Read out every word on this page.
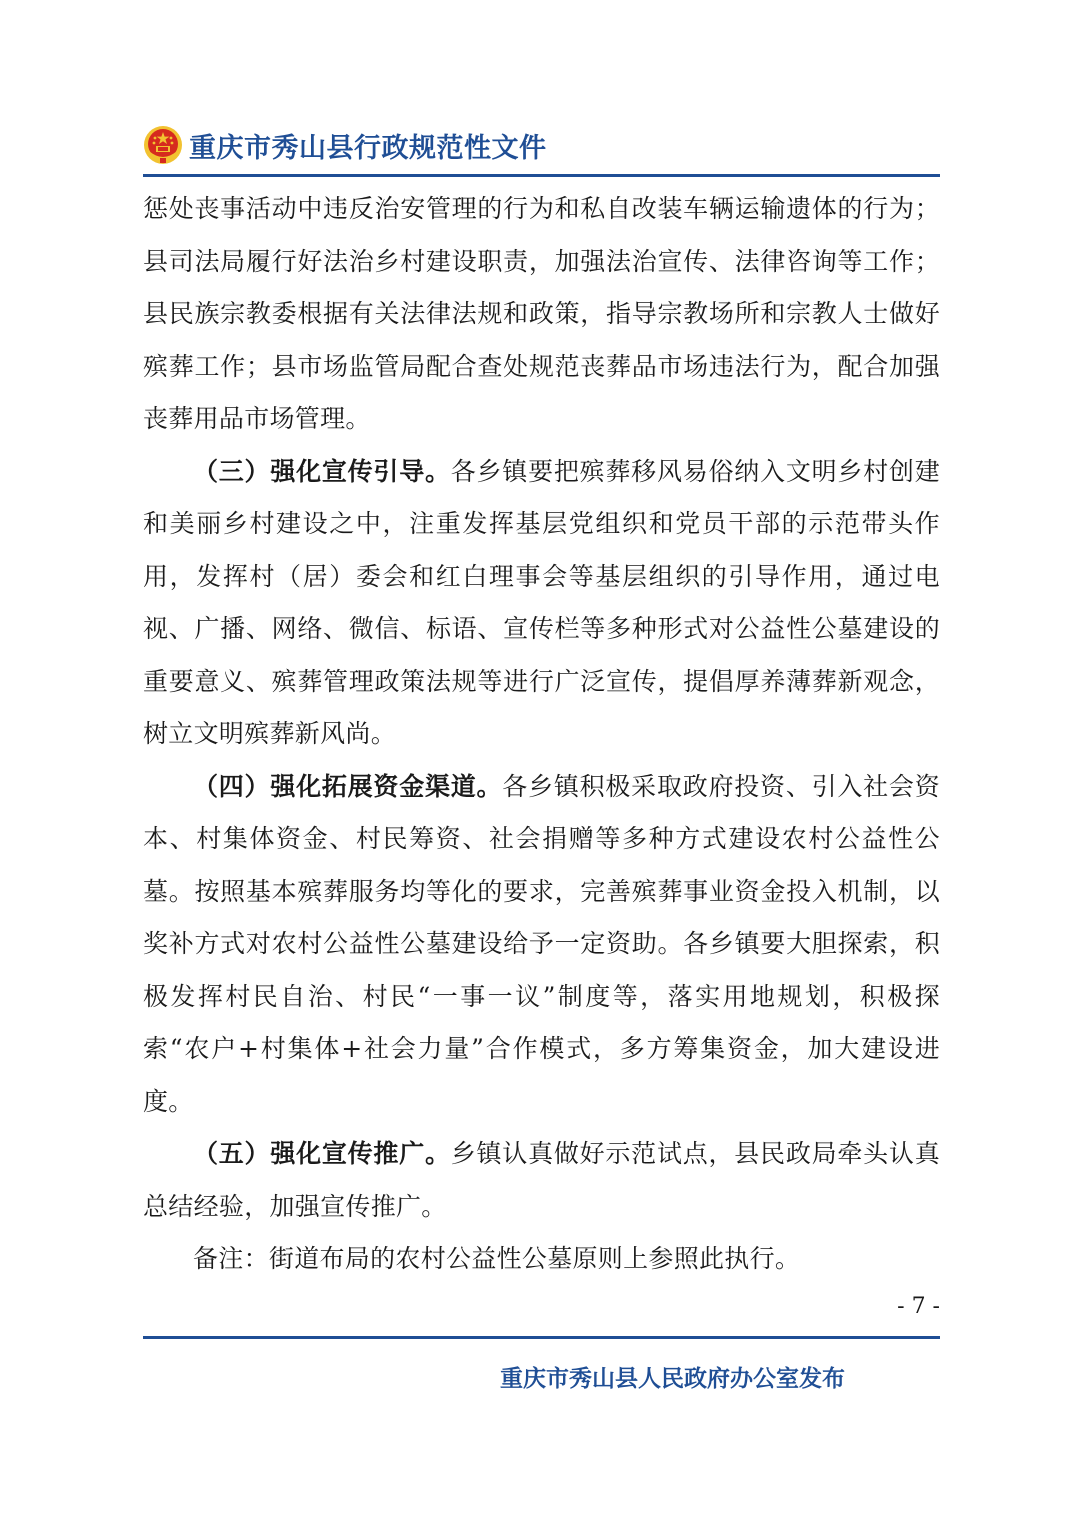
重庆市秀山县行政规范性文件

惩处丧事活动中违反治安管理的行为和私自改装车辆运输遗体的行为；县司法局履行好法治乡村建设职责，加强法治宣传、法律咨询等工作；县民族宗教委根据有关法律法规和政策，指导宗教场所和宗教人士做好殡葬工作；县市场监管局配合查处规范丧葬品市场违法行为，配合加强丧葬用品市场管理。

（三）强化宣传引导。各乡镇要把殡葬移风易俗纳入文明乡村创建和美丽乡村建设之中，注重发挥基层党组织和党员干部的示范带头作用，发挥村（居）委会和红白理事会等基层组织的引导作用，通过电视、广播、网络、微信、标语、宣传栏等多种形式对公益性公墓建设的重要意义、殡葬管理政策法规等进行广泛宣传，提倡厚养薄葬新观念，树立文明殡葬新风尚。

（四）强化拓展资金渠道。各乡镇积极采取政府投资、引入社会资本、村集体资金、村民筹资、社会捐赠等多种方式建设农村公益性公墓。按照基本殡葬服务均等化的要求，完善殡葬事业资金投入机制，以奖补方式对农村公益性公墓建设给予一定资助。各乡镇要大胆探索，积极发挥村民自治、村民“一事一议”制度等，落实用地规划，积极探索“农户+村集体+社会力量”合作模式，多方筹集资金，加大建设进度。

（五）强化宣传推广。乡镇认真做好示范试点，县民政局牵头认真总结经验，加强宣传推广。

备注：街道布局的农村公益性公墓原则上参照此执行。

- 7 -
重庆市秀山县人民政府办公室发布
